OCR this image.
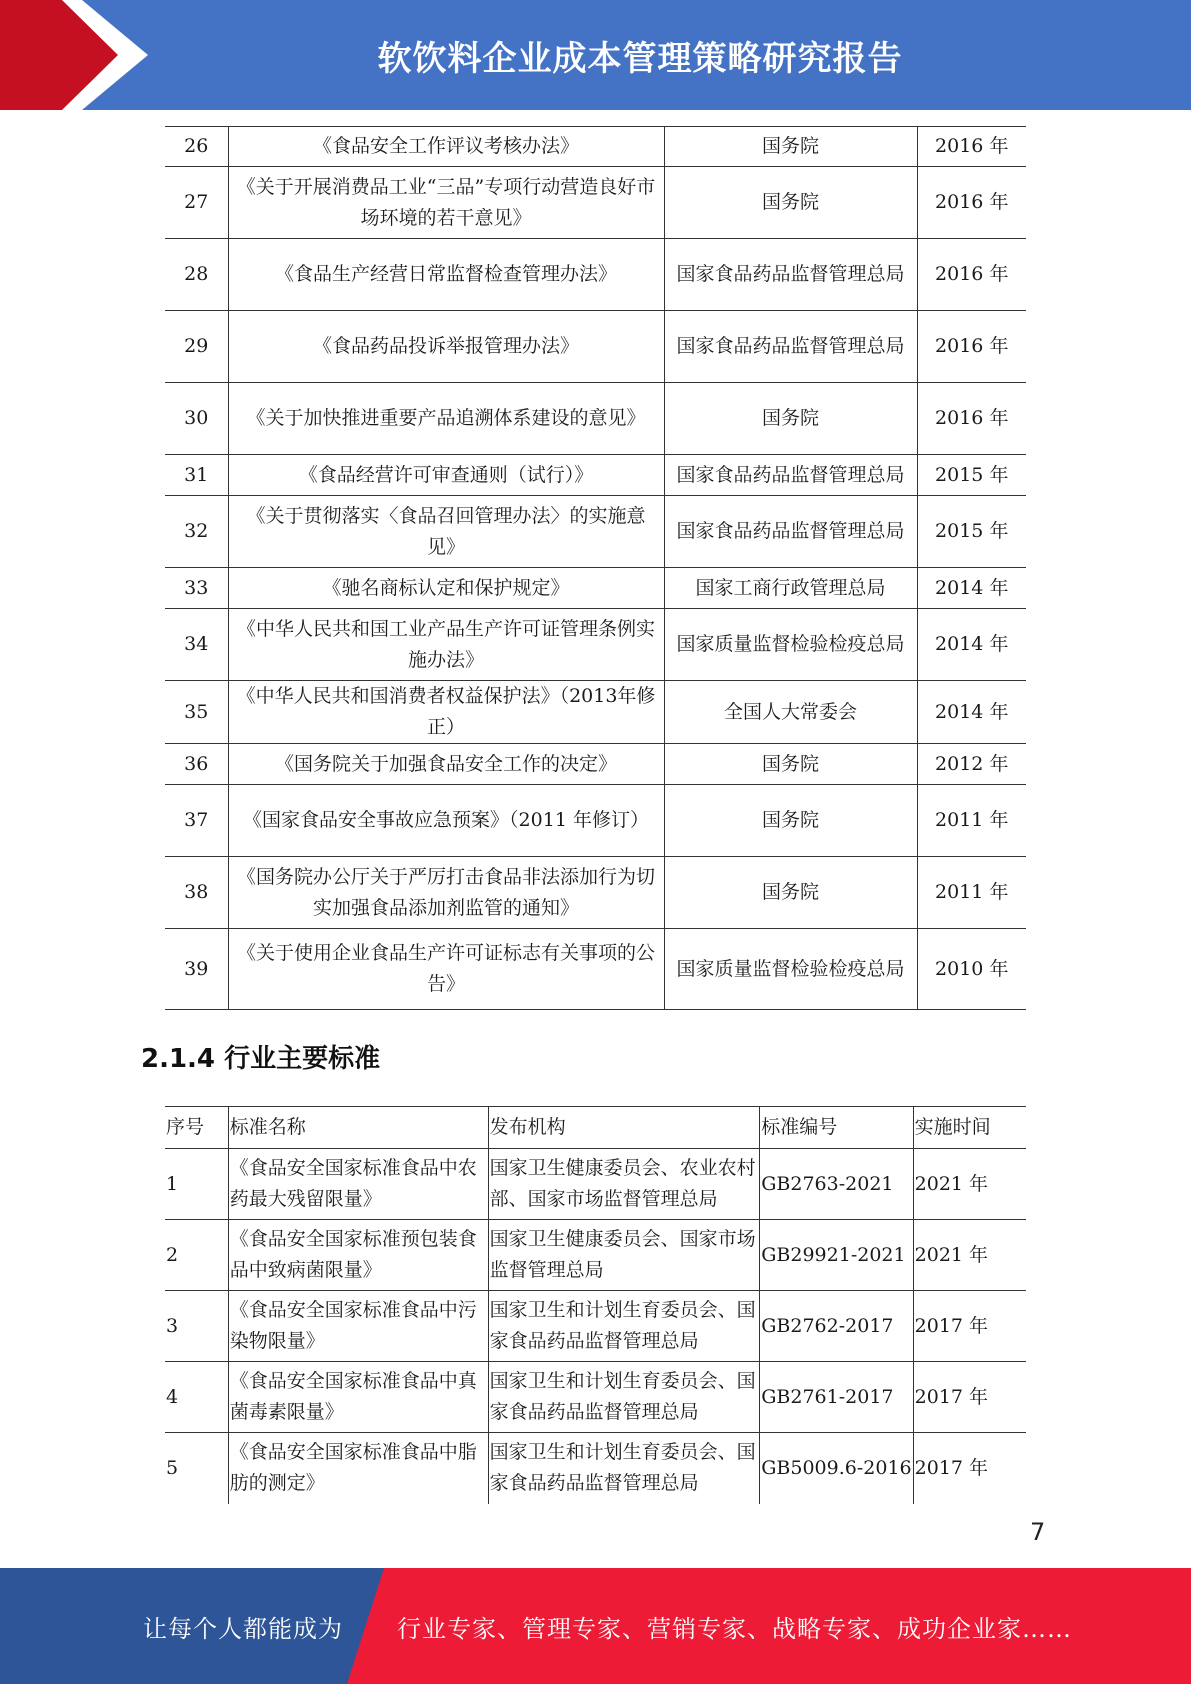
软饮料企业成本管理策略研究报告
26	《食品安全工作评议考核办法》	国务院	2016 年
27	《关于开展消费品工业“三品”专项行动营造良好市场环境的若干意见》	国务院	2016 年
28	《食品生产经营日常监督检查管理办法》	国家食品药品监督管理总局	2016 年
29	《食品药品投诉举报管理办法》	国家食品药品监督管理总局	2016 年
30	《关于加快推进重要产品追溯体系建设的意见》	国务院	2016 年
31	《食品经营许可审查通则（试行）》	国家食品药品监督管理总局	2015 年
32	《关于贯彻落实〈食品召回管理办法〉的实施意见》	国家食品药品监督管理总局	2015 年
33	《驰名商标认定和保护规定》	国家工商行政管理总局	2014 年
34	《中华人民共和国工业产品生产许可证管理条例实施办法》	国家质量监督检验检疫总局	2014 年
35	《中华人民共和国消费者权益保护法》（2013年修正）	全国人大常委会	2014 年
36	《国务院关于加强食品安全工作的决定》	国务院	2012 年
37	《国家食品安全事故应急预案》（2011 年修订）	国务院	2011 年
38	《国务院办公厅关于严厉打击食品非法添加行为切实加强食品添加剂监管的通知》	国务院	2011 年
39	《关于使用企业食品生产许可证标志有关事项的公告》	国家质量监督检验检疫总局	2010 年
2.1.4 行业主要标准
序号	标准名称	发布机构	标准编号	实施时间
1	《食品安全国家标准食品中农药最大残留限量》	国家卫生健康委员会、农业农村部、国家市场监督管理总局	GB2763-2021	2021 年
2	《食品安全国家标准预包装食品中致病菌限量》	国家卫生健康委员会、国家市场监督管理总局	GB29921-2021	2021 年
3	《食品安全国家标准食品中污染物限量》	国家卫生和计划生育委员会、国家食品药品监督管理总局	GB2762-2017	2017 年
4	《食品安全国家标准食品中真菌毒素限量》	国家卫生和计划生育委员会、国家食品药品监督管理总局	GB2761-2017	2017 年
5	《食品安全国家标准食品中脂肪的测定》	国家卫生和计划生育委员会、国家食品药品监督管理总局	GB5009.6-2016	2017 年
7
让每个人都能成为 行业专家、管理专家、营销专家、战略专家、成功企业家……
